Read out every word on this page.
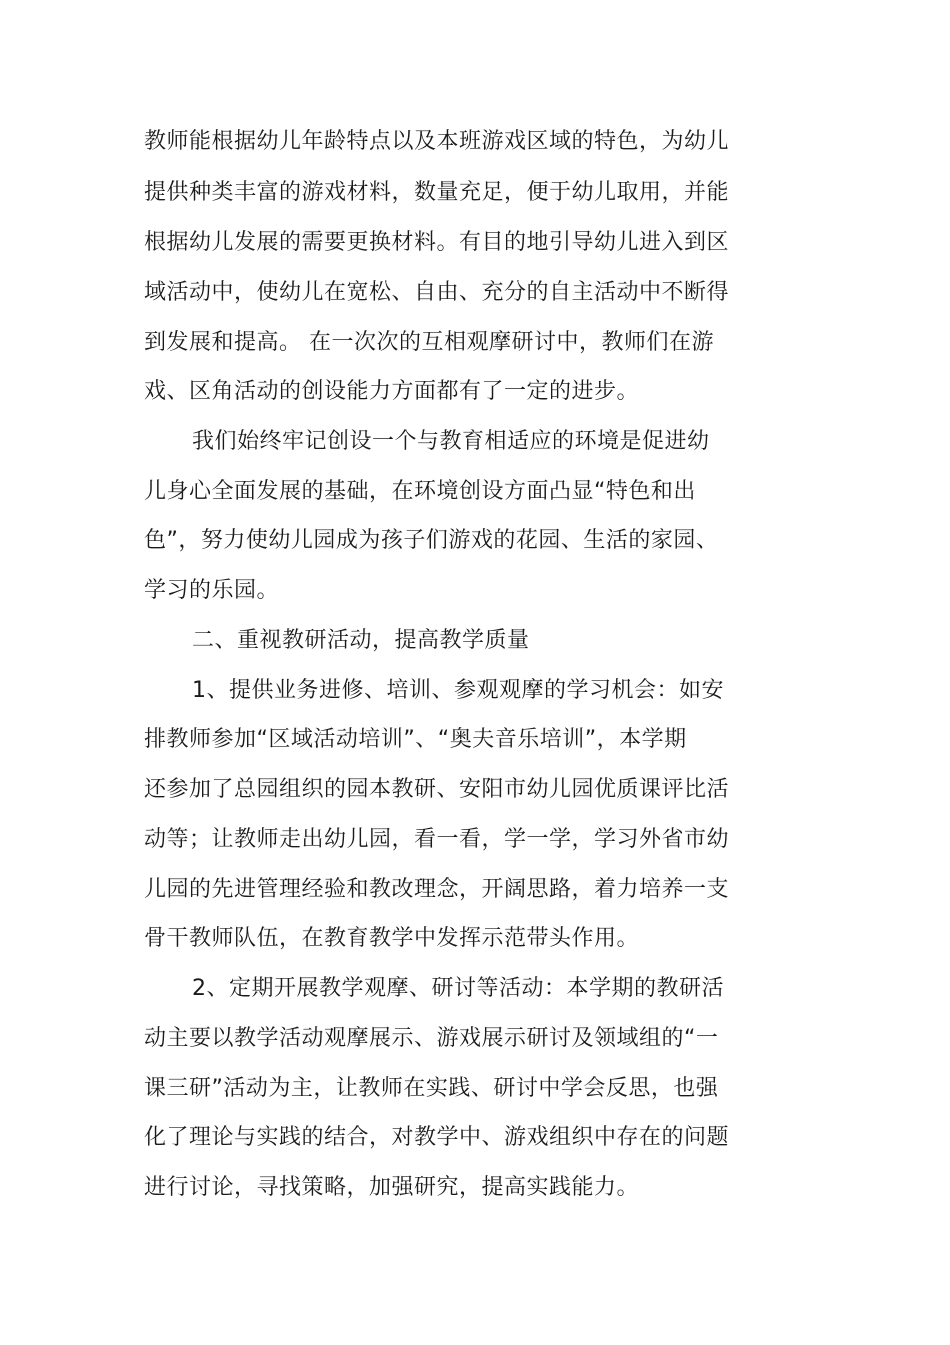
教师能根据幼儿年龄特点以及本班游戏区域的特色，为幼儿
提供种类丰富的游戏材料，数量充足，便于幼儿取用，并能
根据幼儿发展的需要更换材料。有目的地引导幼儿进入到区
域活动中，使幼儿在宽松、自由、充分的自主活动中不断得
到发展和提高。 在一次次的互相观摩研讨中，教师们在游
戏、区角活动的创设能力方面都有了一定的进步。
我们始终牢记创设一个与教育相适应的环境是促进幼
儿身心全面发展的基础，在环境创设方面凸显“特色和出
色”，努力使幼儿园成为孩子们游戏的花园、生活的家园、
学习的乐园。
二、重视教研活动，提高教学质量
1、提供业务进修、培训、参观观摩的学习机会：如安
排教师参加“区域活动培训”、“奥夫音乐培训”，本学期
还参加了总园组织的园本教研、安阳市幼儿园优质课评比活
动等；让教师走出幼儿园，看一看，学一学，学习外省市幼
儿园的先进管理经验和教改理念，开阔思路，着力培养一支
骨干教师队伍，在教育教学中发挥示范带头作用。
2、定期开展教学观摩、研讨等活动：本学期的教研活
动主要以教学活动观摩展示、游戏展示研讨及领域组的“一
课三研”活动为主，让教师在实践、研讨中学会反思，也强
化了理论与实践的结合，对教学中、游戏组织中存在的问题
进行讨论，寻找策略，加强研究，提高实践能力。
